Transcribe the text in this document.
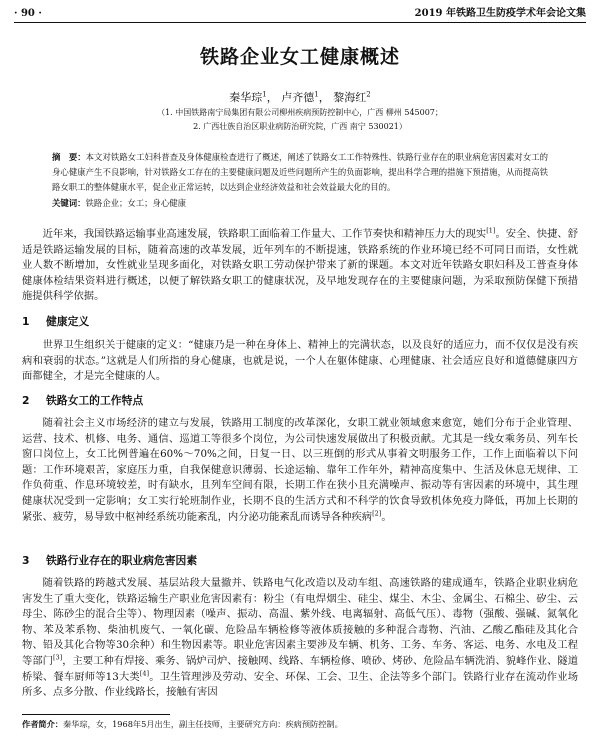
· 90 ·	2019 年铁路卫生防疫学术年会论文集
铁路企业女工健康概述
秦华琮$^1$， 卢齐德$^1$， 黎海红$^2$
（1. 中国铁路南宁局集团有限公司柳州疾病预防控制中心，广西 柳州 545007；
2. 广西壮族自治区职业病防治研究院，广西 南宁 530021）
摘　要：本文对铁路女工妇科普查及身体健康检查进行了概述，阐述了铁路女工工作特殊性、铁路行业存在的职业病危害因素对女工的身心健康产生不良影响，针对铁路女工存在的主要健康问题及近些问题所产生的负面影响，提出科学合理的措施下预措施，从而提高铁路女职工的整体健康水平，促企业正常运转，以达到企业经济效益和社会效益最大化的目的。
关键词：铁路企业；女工；身心健康

近年来，我国铁路运输事业高速发展，铁路职工面临着工作量大、工作节奏快和精神压力大的现实[1]。安全、快捷、舒适是铁路运输发展的目标，随着高速的改革发展，近年列车的不断提速，铁路系统的作业环境已经不可同日而语，女性就业人数不断增加，女性就业呈现多面化，对铁路女职工劳动保护带来了新的课题。本文对近年铁路女职妇科及工普查身体健康体检结果资料进行概述，以便了解铁路女职工的健康状况，及早地发现存在的主要健康问题，为采取预防保健下预措施提供科学依据。

1 健康定义

世界卫生组织关于健康的定义：“健康乃是一种在身体上、精神上的完满状态，以及良好的适应力，而不仅仅是没有疾病和衰弱的状态。”这就是人们所指的身心健康，也就是说，一个人在躯体健康、心理健康、社会适应良好和道德健康四方面都健全，才是完全健康的人。

2 铁路女工的工作特点

随着社会主义市场经济的建立与发展，铁路用工制度的改革深化，女职工就业领域愈来愈宽，她们分布于企业管理、运营、技术、机修、电务、通信、巡道工等很多个岗位，为公司快速发展做出了积极贡献。尤其是一线女乘务员、列车长窗口岗位上，女工比例普遍在60%～70%之间，日复一日、以三班倒的形式从事着文明服务工作，工作上面临着以下问题：工作环境艰苦，家庭压力重，自我保健意识薄弱、长途运输、靠年工作年外，精神高度集中、生活及休息无规律、工作负荷重、作息环境较差，时有缺水，且列车空间有限，长期工作在狭小且充满噪声、振动等有害因素的环境中，其生理健康状况受到一定影响；女工实行轮班制作业，长期不良的生活方式和不科学的饮食导致机体免疫力降低，再加上长期的紧张、疲劳，易导致中枢神经系统功能紊乱，内分泌功能紊乱而诱导各种疾病[2]。

3 铁路行业存在的职业病危害因素

随着铁路的跨越式发展、基层站段大量撤并、铁路电气化改造以及动车组、高速铁路的建成通车，铁路企业职业病危害发生了重大变化，铁路运输生产职业危害因素有：粉尘（有电焊烟尘、硅尘、煤尘、木尘、金属尘、石棉尘、矽尘、云母尘、陈砂尘的混合尘等）、物理因素（噪声、振动、高温、紫外线、电离辐射、高低气压）、毒物（强酸、强碱、氮氧化物、苯及苯系物、柴油机废气、一氧化碳、危险品车辆检修等液体质接触的多种混合毒物、汽油、乙酸乙酯硅及其化合物、铅及其化合物等30余种）和生物因素等。职业危害因素主要涉及车辆、机务、工务、车务、客运、电务、水电及工程等部门[3]，主要工种有焊接、乘务、锅炉司炉、接触网、线路、车辆检修、喷砂、烤砂、危险品车辆洗消、貌峰作业、隧道桥梁、餐车厨师等13大类[4]。卫生管理涉及劳动、安全、环保、工会、卫生、企法等多个部门。铁路行业存在流动作业场所多、点多分散、作业线路长，接触有害因

作者简介：秦华琮，女，1968年5月出生，副主任技师，主要研究方向：疾病预防控制。
